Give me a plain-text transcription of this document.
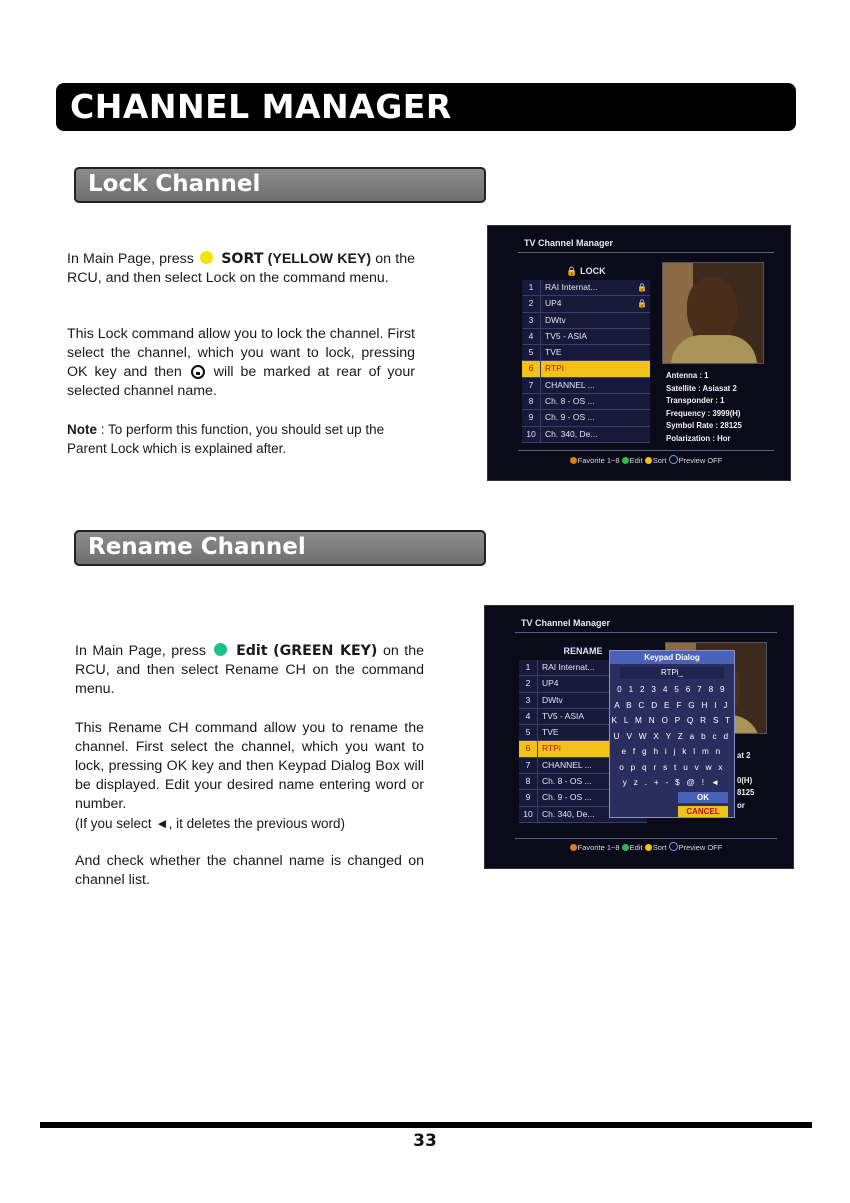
CHANNEL MANAGER
Lock Channel

In Main Page, press SORT (YELLOW KEY) on the RCU, and then select Lock on the command menu.

This Lock command allow you to lock the channel. First select the channel, which you want to lock, pressing OK key and then will be marked at rear of your selected channel name.

Note : To perform this function, you should set up the Parent Lock which is explained after.

TV Channel Manager
🔒 LOCK
1	RAI Internat...	🔒
2	UP4	🔒
3	DWtv
4	TV5 - ASIA
5	TVE
6	RTPi
7	CHANNEL ...
8	Ch. 8 - OS ...
9	Ch. 9 - OS ...
10	Ch. 340, De...
Antenna : 1
Satellite : Asiasat 2
Transponder : 1
Frequency : 3999(H)
Symbol Rate : 28125
Polarization : Hor
Favorite 1~8 Edit Sort Preview OFF
Rename Channel

In Main Page, press Edit (GREEN KEY) on the RCU, and then select Rename CH on the command menu.

This Rename CH command allow you to rename the channel. First select the channel, which you want to lock, pressing OK key and then Keypad Dialog Box will be displayed. Edit your desired name entering word or number.
(If you select ◄, it deletes the previous word)

And check whether the channel name is changed on channel list.

TV Channel Manager
RENAME
1	RAI Internat...
2	UP4
3	DWtv
4	TV5 - ASIA
5	TVE
6	RTPi
7	CHANNEL ...
8	Ch. 8 - OS ...
9	Ch. 9 - OS ...
10	Ch. 340, De...
at 2
0(H)
8125
or
Keypad Dialog
RTPi_
0 1 2 3 4 5 6 7 8 9
A B C D E F G H I J
K L M N O P Q R S T
U V W X Y Z a b c d
e f g h i j k l m n
o p q r s t u v w x
y z . + - $ @ ! ◄
OK
CANCEL
Favorite 1~8 Edit Sort Preview OFF
33
